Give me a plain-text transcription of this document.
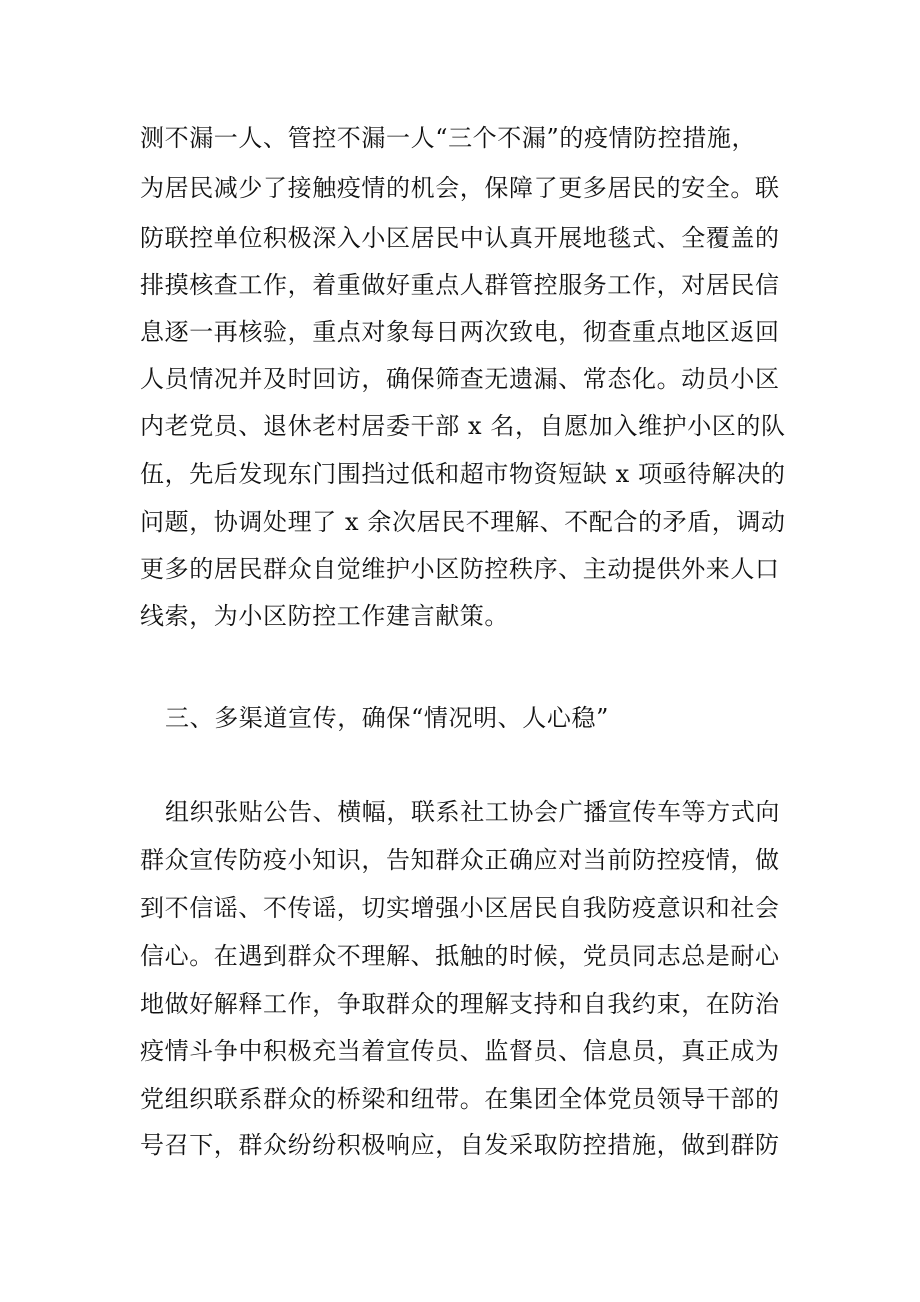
测不漏一人、管控不漏一人“三个不漏”的疫情防控措施，
为居民减少了接触疫情的机会，保障了更多居民的安全。联
防联控单位积极深入小区居民中认真开展地毯式、全覆盖的
排摸核查工作，着重做好重点人群管控服务工作，对居民信
息逐一再核验，重点对象每日两次致电，彻查重点地区返回
人员情况并及时回访，确保筛查无遗漏、常态化。动员小区
内老党员、退休老村居委干部 x 名，自愿加入维护小区的队
伍，先后发现东门围挡过低和超市物资短缺 x 项亟待解决的
问题，协调处理了 x 余次居民不理解、不配合的矛盾，调动
更多的居民群众自觉维护小区防控秩序、主动提供外来人口
线索，为小区防控工作建言献策。
三、多渠道宣传，确保“情况明、人心稳”
组织张贴公告、横幅，联系社工协会广播宣传车等方式向
群众宣传防疫小知识，告知群众正确应对当前防控疫情，做
到不信谣、不传谣，切实增强小区居民自我防疫意识和社会
信心。在遇到群众不理解、抵触的时候，党员同志总是耐心
地做好解释工作，争取群众的理解支持和自我约束，在防治
疫情斗争中积极充当着宣传员、监督员、信息员，真正成为
党组织联系群众的桥梁和纽带。在集团全体党员领导干部的
号召下，群众纷纷积极响应，自发采取防控措施，做到群防
